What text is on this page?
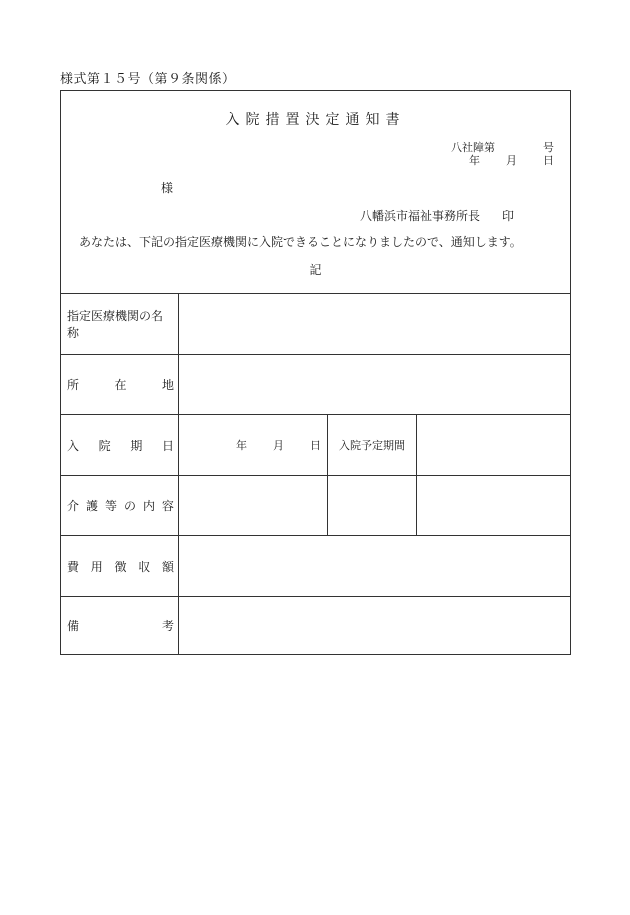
様式第１５号（第９条関係）
入院措置決定通知書
八社障第	号
年 月 日
様
八幡浜市福祉事務所長 印
あなたは、下記の指定医療機関に入院できることになりましたので、通知します。
記
指定医療機関の名称
所	在	地
入 院 期 日	年 月 日 入院予定期間
介 護 等 の 内 容
費 用 徴 収 額
備	考
